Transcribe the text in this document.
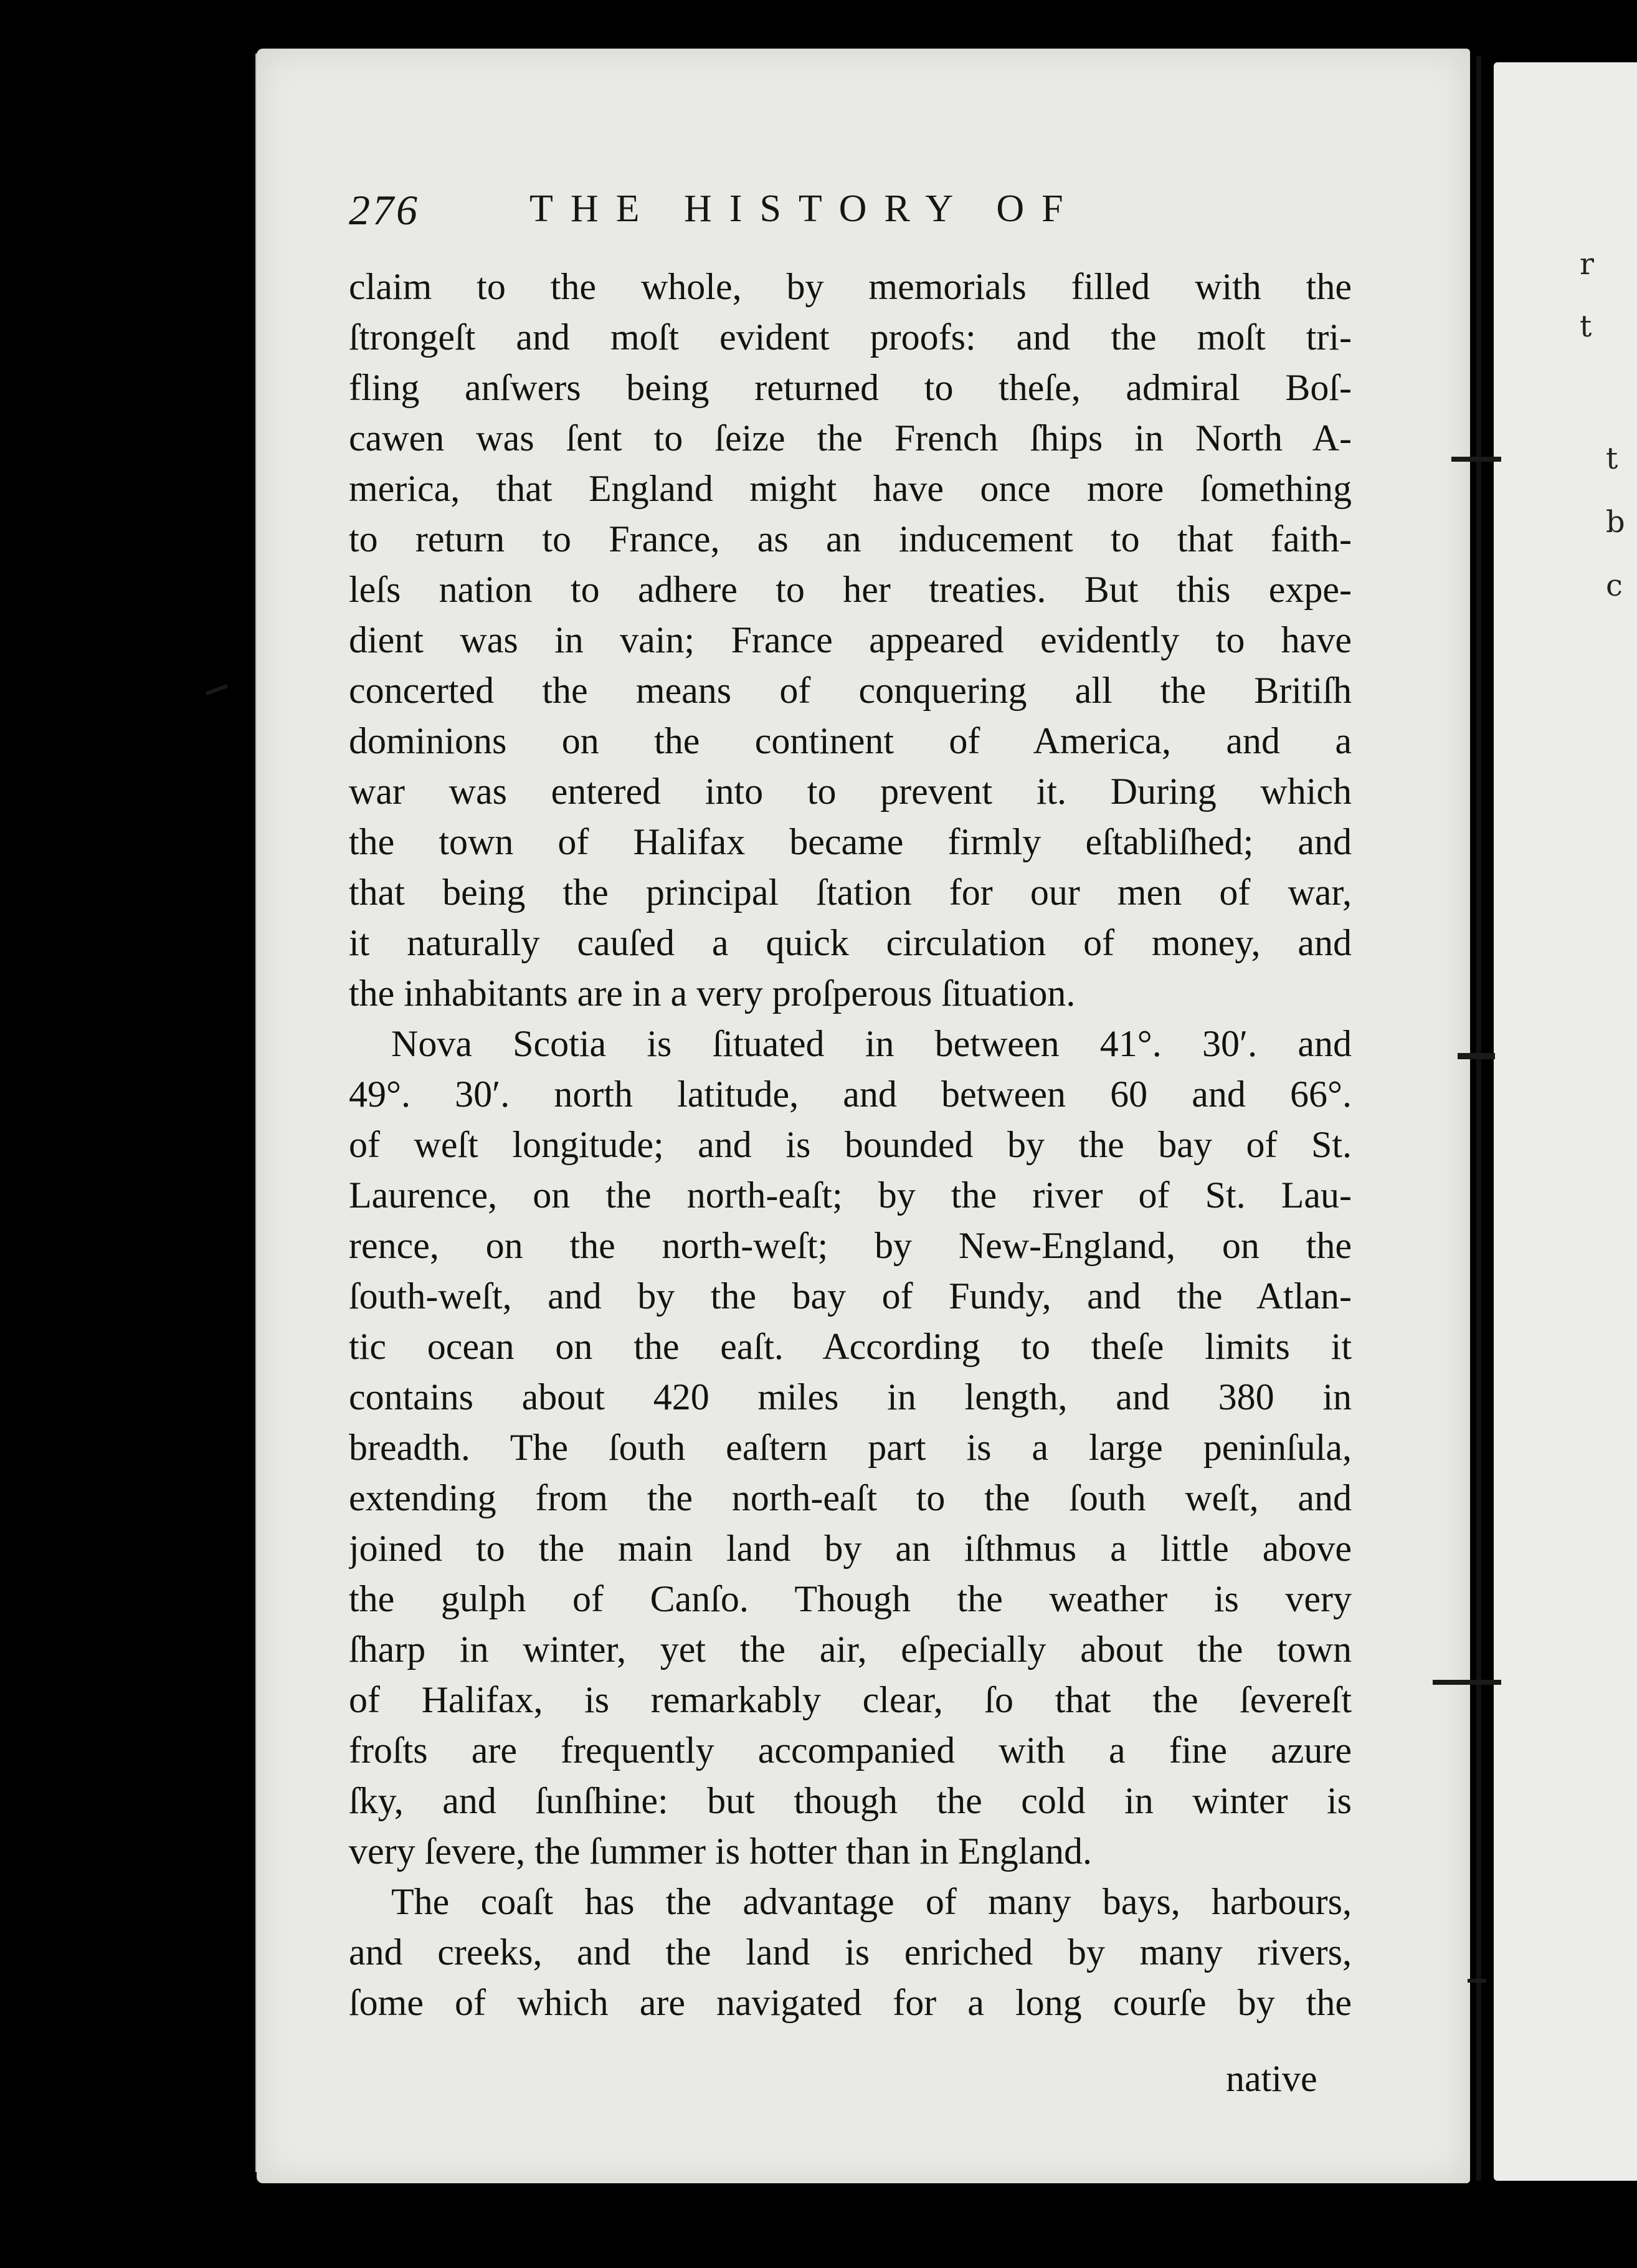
r
t
t
b
c
276	THE HISTORY OF
claim to the whole, by memorials filled with the
ſtrongeſt and moſt evident proofs: and the moſt tri-
fling anſwers being returned to theſe, admiral Boſ-
cawen was ſent to ſeize the French ſhips in North A-
merica, that England might have once more ſomething
to return to France, as an inducement to that faith-
leſs nation to adhere to her treaties. But this expe-
dient was in vain; France appeared evidently to have
concerted the means of conquering all the Britiſh
dominions on the continent of America, and a
war was entered into to prevent it. During which
the town of Halifax became firmly eſtabliſhed; and
that being the principal ſtation for our men of war,
it naturally cauſed a quick circulation of money, and
the inhabitants are in a very proſperous ſituation.
Nova Scotia is ſituated in between 41°. 30′. and
49°. 30′. north latitude, and between 60 and 66°.
of weſt longitude; and is bounded by the bay of St.
Laurence, on the north-eaſt; by the river of St. Lau-
rence, on the north-weſt; by New-England, on the
ſouth-weſt, and by the bay of Fundy, and the Atlan-
tic ocean on the eaſt. According to theſe limits it
contains about 420 miles in length, and 380 in
breadth. The ſouth eaſtern part is a large peninſula,
extending from the north-eaſt to the ſouth weſt, and
joined to the main land by an iſthmus a little above
the gulph of Canſo. Though the weather is very
ſharp in winter, yet the air, eſpecially about the town
of Halifax, is remarkably clear, ſo that the ſevereſt
froſts are frequently accompanied with a fine azure
ſky, and ſunſhine: but though the cold in winter is
very ſevere, the ſummer is hotter than in England.
The coaſt has the advantage of many bays, harbours,
and creeks, and the land is enriched by many rivers,
ſome of which are navigated for a long courſe by the
native
